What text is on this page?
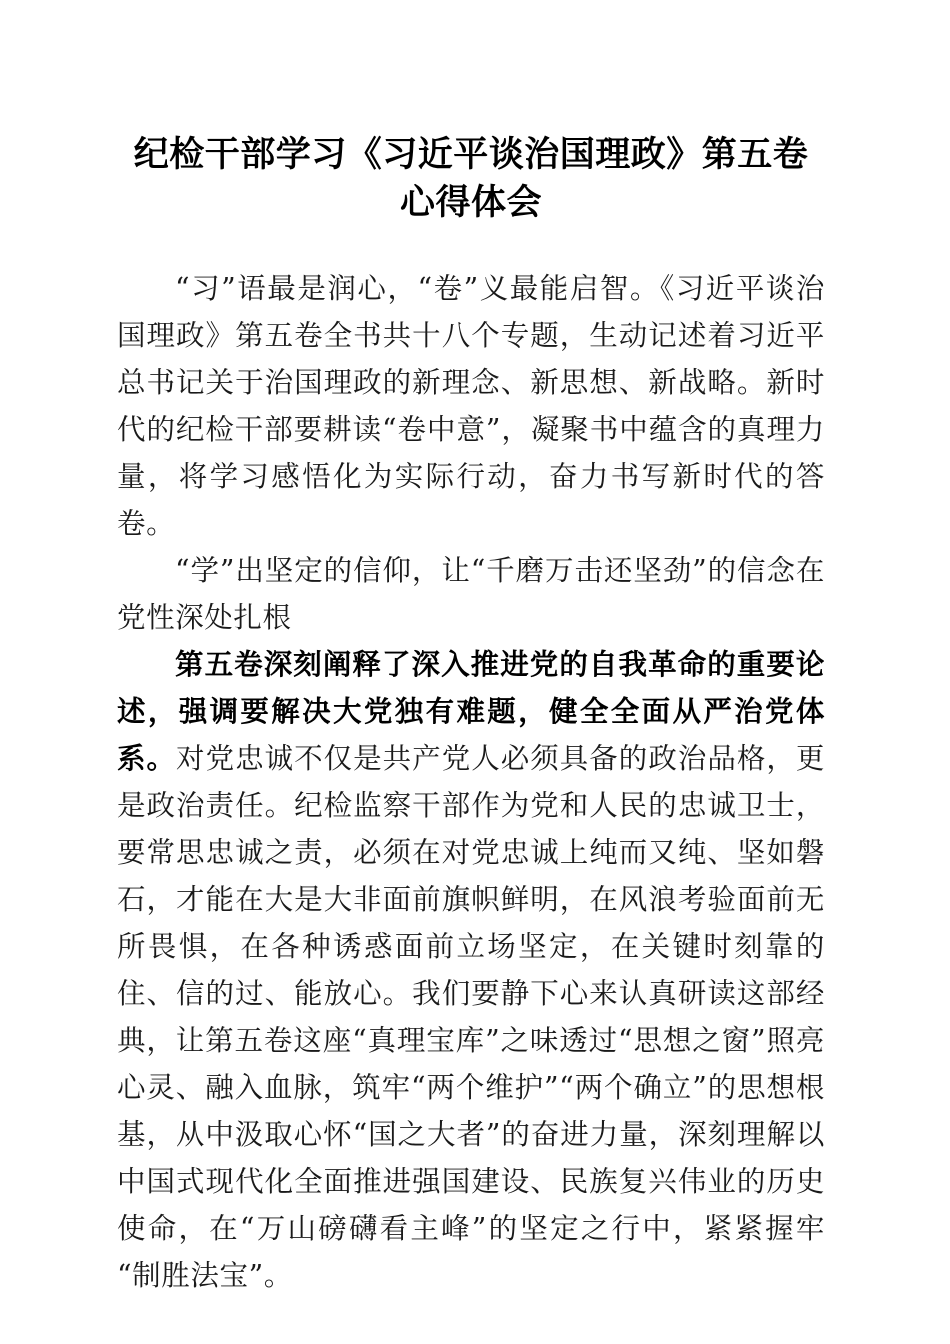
纪检干部学习《习近平谈治国理政》第五卷心得体会

“习”语最是润心，“卷”义最能启智。《习近平谈治国理政》第五卷全书共十八个专题，生动记述着习近平总书记关于治国理政的新理念、新思想、新战略。新时代的纪检干部要耕读“卷中意”，凝聚书中蕴含的真理力量，将学习感悟化为实际行动，奋力书写新时代的答卷。

“学”出坚定的信仰，让“千磨万击还坚劲”的信念在党性深处扎根

第五卷深刻阐释了深入推进党的自我革命的重要论述，强调要解决大党独有难题，健全全面从严治党体系。对党忠诚不仅是共产党人必须具备的政治品格，更是政治责任。纪检监察干部作为党和人民的忠诚卫士，要常思忠诚之责，必须在对党忠诚上纯而又纯、坚如磐石，才能在大是大非面前旗帜鲜明，在风浪考验面前无所畏惧，在各种诱惑面前立场坚定，在关键时刻靠的住、信的过、能放心。我们要静下心来认真研读这部经典，让第五卷这座“真理宝库”之味透过“思想之窗”照亮心灵、融入血脉，筑牢“两个维护”“两个确立”的思想根基，从中汲取心怀“国之大者”的奋进力量，深刻理解以中国式现代化全面推进强国建设、民族复兴伟业的历史使命，在“万山磅礴看主峰”的坚定之行中，紧紧握牢“制胜法宝”。
